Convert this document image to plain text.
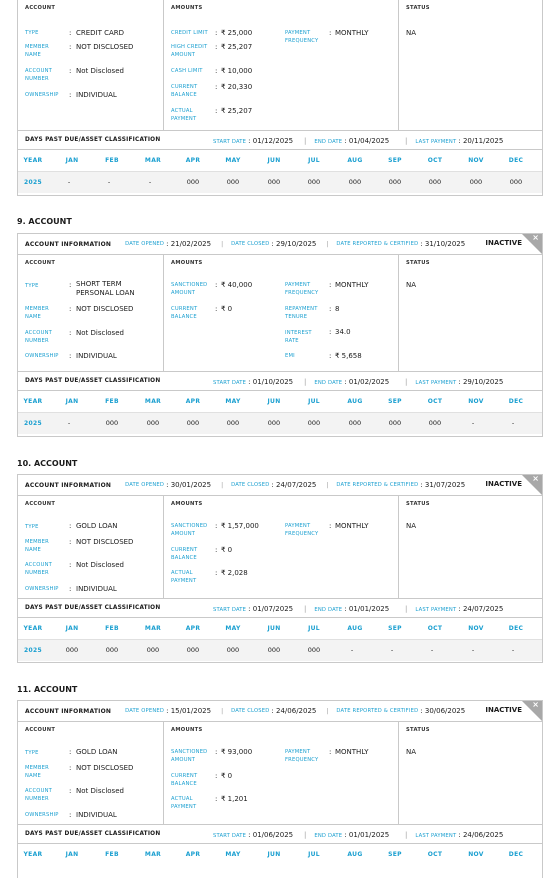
ACCOUNT
TYPE	: CREDIT CARD
MEMBER NAME
: NOT DISCLOSED
ACCOUNT NUMBER
: Not Disclosed
OWNERSHIP	: INDIVIDUAL
AMOUNTS
CREDIT LIMIT	: ₹ 25,000
HIGH CREDIT AMOUNT
: ₹ 25,207
CASH LIMIT	: ₹ 10,000
CURRENT BALANCE
: ₹ 20,330
ACTUAL PAYMENT
: ₹ 25,207
PAYMENT FREQUENCY
: MONTHLY
STATUS
NA
DAYS PAST DUE/ASSET CLASSIFICATION	START DATE : 01/12/2025 | END DATE : 01/04/2025 | LAST PAYMENT : 20/11/2025
YEAR	JAN	FEB	MAR	APR	MAY	JUN	JUL	AUG	SEP	OCT	NOV	DEC
2025	-	-	-	000	000	000	000	000	000	000	000	000
9. ACCOUNT
ACCOUNT INFORMATION	DATE OPENED : 21/02/2025 | DATE CLOSED : 29/10/2025 | DATE REPORTED & CERTIFIED : 31/10/2025	INACTIVE
×
ACCOUNT
TYPE	: SHORT TERM PERSONAL LOAN
MEMBER NAME
: NOT DISCLOSED
ACCOUNT NUMBER
: Not Disclosed
OWNERSHIP	: INDIVIDUAL
AMOUNTS
SANCTIONED AMOUNT
: ₹ 40,000
CURRENT BALANCE
: ₹ 0
PAYMENT FREQUENCY
: MONTHLY
REPAYMENT TENURE
: 8
INTEREST RATE
: 34.0
EMI	: ₹ 5,658
STATUS
NA
DAYS PAST DUE/ASSET CLASSIFICATION	START DATE : 01/10/2025 | END DATE : 01/02/2025 | LAST PAYMENT : 29/10/2025
YEAR	JAN	FEB	MAR	APR	MAY	JUN	JUL	AUG	SEP	OCT	NOV	DEC
2025	-	000	000	000	000	000	000	000	000	000	-	-
10. ACCOUNT
ACCOUNT INFORMATION	DATE OPENED : 30/01/2025 | DATE CLOSED : 24/07/2025 | DATE REPORTED & CERTIFIED : 31/07/2025	INACTIVE
×
ACCOUNT
TYPE	: GOLD LOAN
MEMBER NAME
: NOT DISCLOSED
ACCOUNT NUMBER
: Not Disclosed
OWNERSHIP	: INDIVIDUAL
AMOUNTS
SANCTIONED AMOUNT
: ₹ 1,57,000
CURRENT BALANCE
: ₹ 0
ACTUAL PAYMENT
: ₹ 2,028
PAYMENT FREQUENCY
: MONTHLY
STATUS
NA
DAYS PAST DUE/ASSET CLASSIFICATION	START DATE : 01/07/2025 | END DATE : 01/01/2025 | LAST PAYMENT : 24/07/2025
YEAR	JAN	FEB	MAR	APR	MAY	JUN	JUL	AUG	SEP	OCT	NOV	DEC
2025	000	000	000	000	000	000	000	-	-	-	-	-
11. ACCOUNT
ACCOUNT INFORMATION	DATE OPENED : 15/01/2025 | DATE CLOSED : 24/06/2025 | DATE REPORTED & CERTIFIED : 30/06/2025	INACTIVE
×
ACCOUNT
TYPE	: GOLD LOAN
MEMBER NAME
: NOT DISCLOSED
ACCOUNT NUMBER
: Not Disclosed
OWNERSHIP	: INDIVIDUAL
AMOUNTS
SANCTIONED AMOUNT
: ₹ 93,000
CURRENT BALANCE
: ₹ 0
ACTUAL PAYMENT
: ₹ 1,201
PAYMENT FREQUENCY
: MONTHLY
STATUS
NA
DAYS PAST DUE/ASSET CLASSIFICATION	START DATE : 01/06/2025 | END DATE : 01/01/2025 | LAST PAYMENT : 24/06/2025
YEAR	JAN	FEB	MAR	APR	MAY	JUN	JUL	AUG	SEP	OCT	NOV	DEC
